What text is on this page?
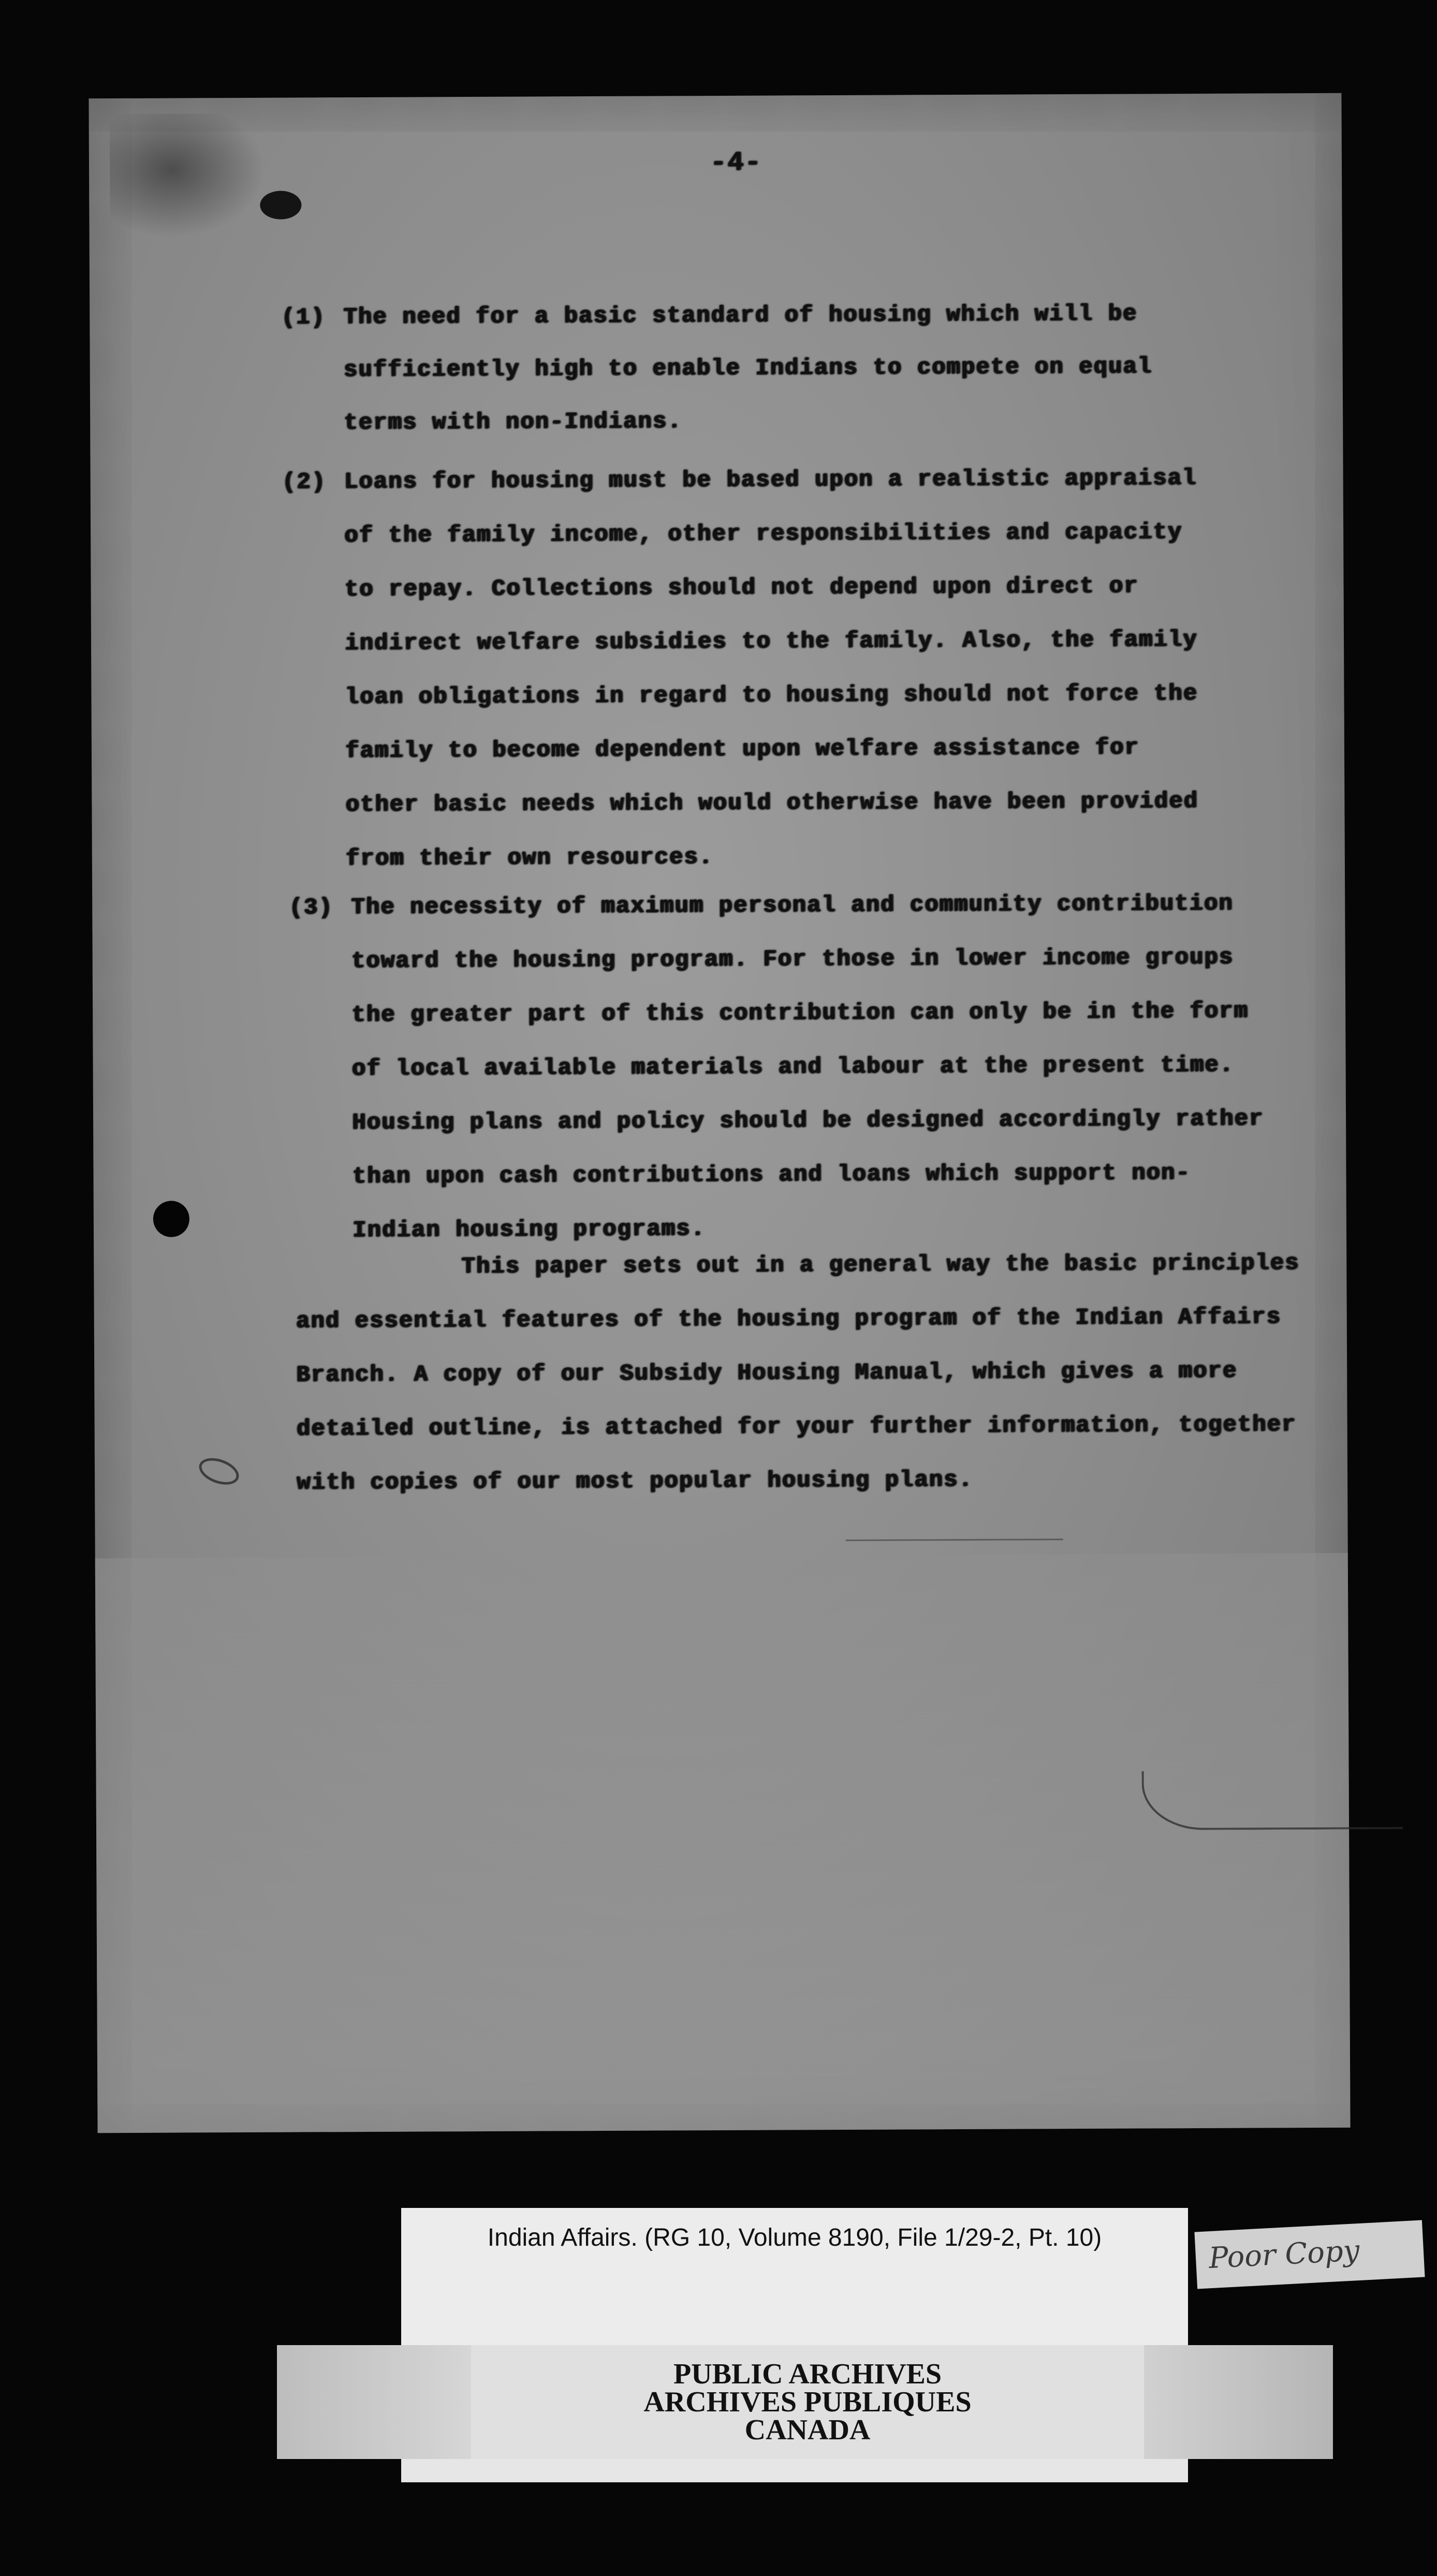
-4-
(1) The need for a basic standard of housing which will be
sufficiently high to enable Indians to compete on equal
terms with non-Indians.
(2) Loans for housing must be based upon a realistic appraisal
of the family income, other responsibilities and capacity
to repay. Collections should not depend upon direct or
indirect welfare subsidies to the family. Also, the family
loan obligations in regard to housing should not force the
family to become dependent upon welfare assistance for
other basic needs which would otherwise have been provided
from their own resources.
(3) The necessity of maximum personal and community contribution
toward the housing program. For those in lower income groups
the greater part of this contribution can only be in the form
of local available materials and labour at the present time.
Housing plans and policy should be designed accordingly rather
than upon cash contributions and loans which support non-
Indian housing programs.
This paper sets out in a general way the basic principles
and essential features of the housing program of the Indian Affairs
Branch. A copy of our Subsidy Housing Manual, which gives a more
detailed outline, is attached for your further information, together
with copies of our most popular housing plans.
Indian Affairs. (RG 10, Volume 8190, File 1/29-2, Pt. 10)	Poor Copy
PUBLIC ARCHIVES
ARCHIVES PUBLIQUES
CANADA
